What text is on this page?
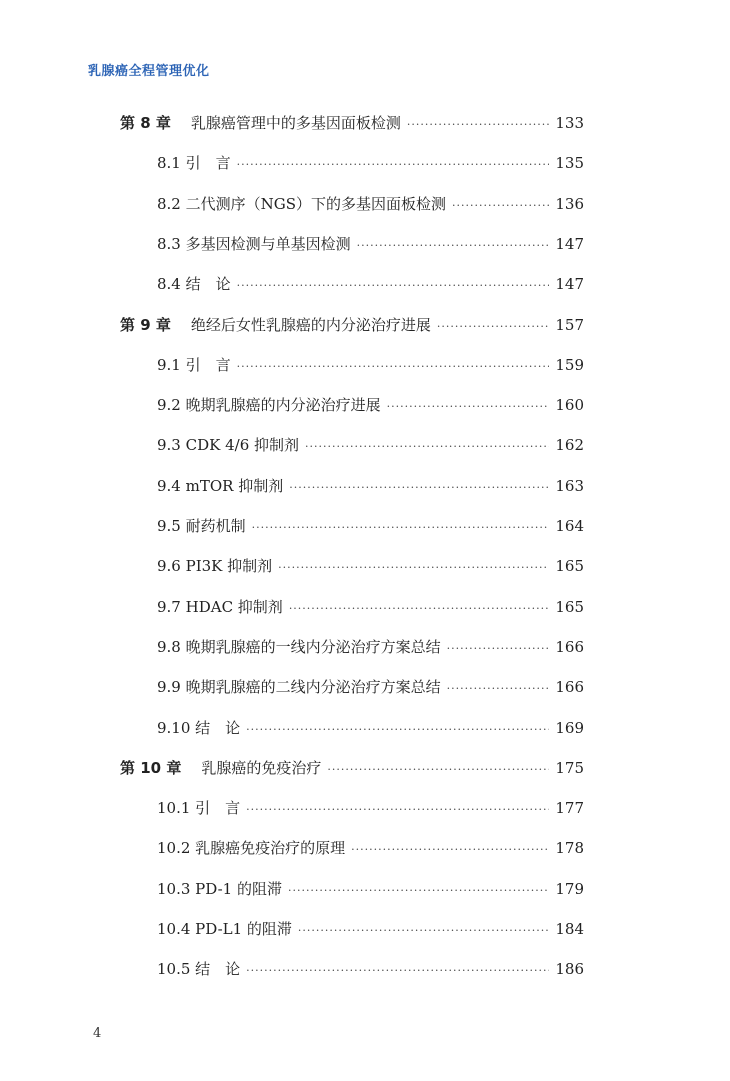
乳腺癌全程管理优化
第 8 章 乳腺癌管理中的多基因面板检测 ·····	133
8.1 引　言 ·····	135
8.2 二代测序（NGS）下的多基因面板检测 ·····	136
8.3 多基因检测与单基因检测 ·····	147
8.4 结　论 ·····	147
第 9 章 绝经后女性乳腺癌的内分泌治疗进展 ·····	157
9.1 引　言 ·····	159
9.2 晚期乳腺癌的内分泌治疗进展 ·····	160
9.3 CDK 4/6 抑制剂 ·····	162
9.4 mTOR 抑制剂 ·····	163
9.5 耐药机制 ·····	164
9.6 PI3K 抑制剂 ·····	165
9.7 HDAC 抑制剂 ·····	165
9.8 晚期乳腺癌的一线内分泌治疗方案总结 ·····	166
9.9 晚期乳腺癌的二线内分泌治疗方案总结 ·····	166
9.10 结　论 ·····	169
第 10 章 乳腺癌的免疫治疗 ·····	175
10.1 引　言 ·····	177
10.2 乳腺癌免疫治疗的原理 ·····	178
10.3 PD-1 的阻滞 ·····	179
10.4 PD-L1 的阻滞 ·····	184
10.5 结　论 ·····	186
4
